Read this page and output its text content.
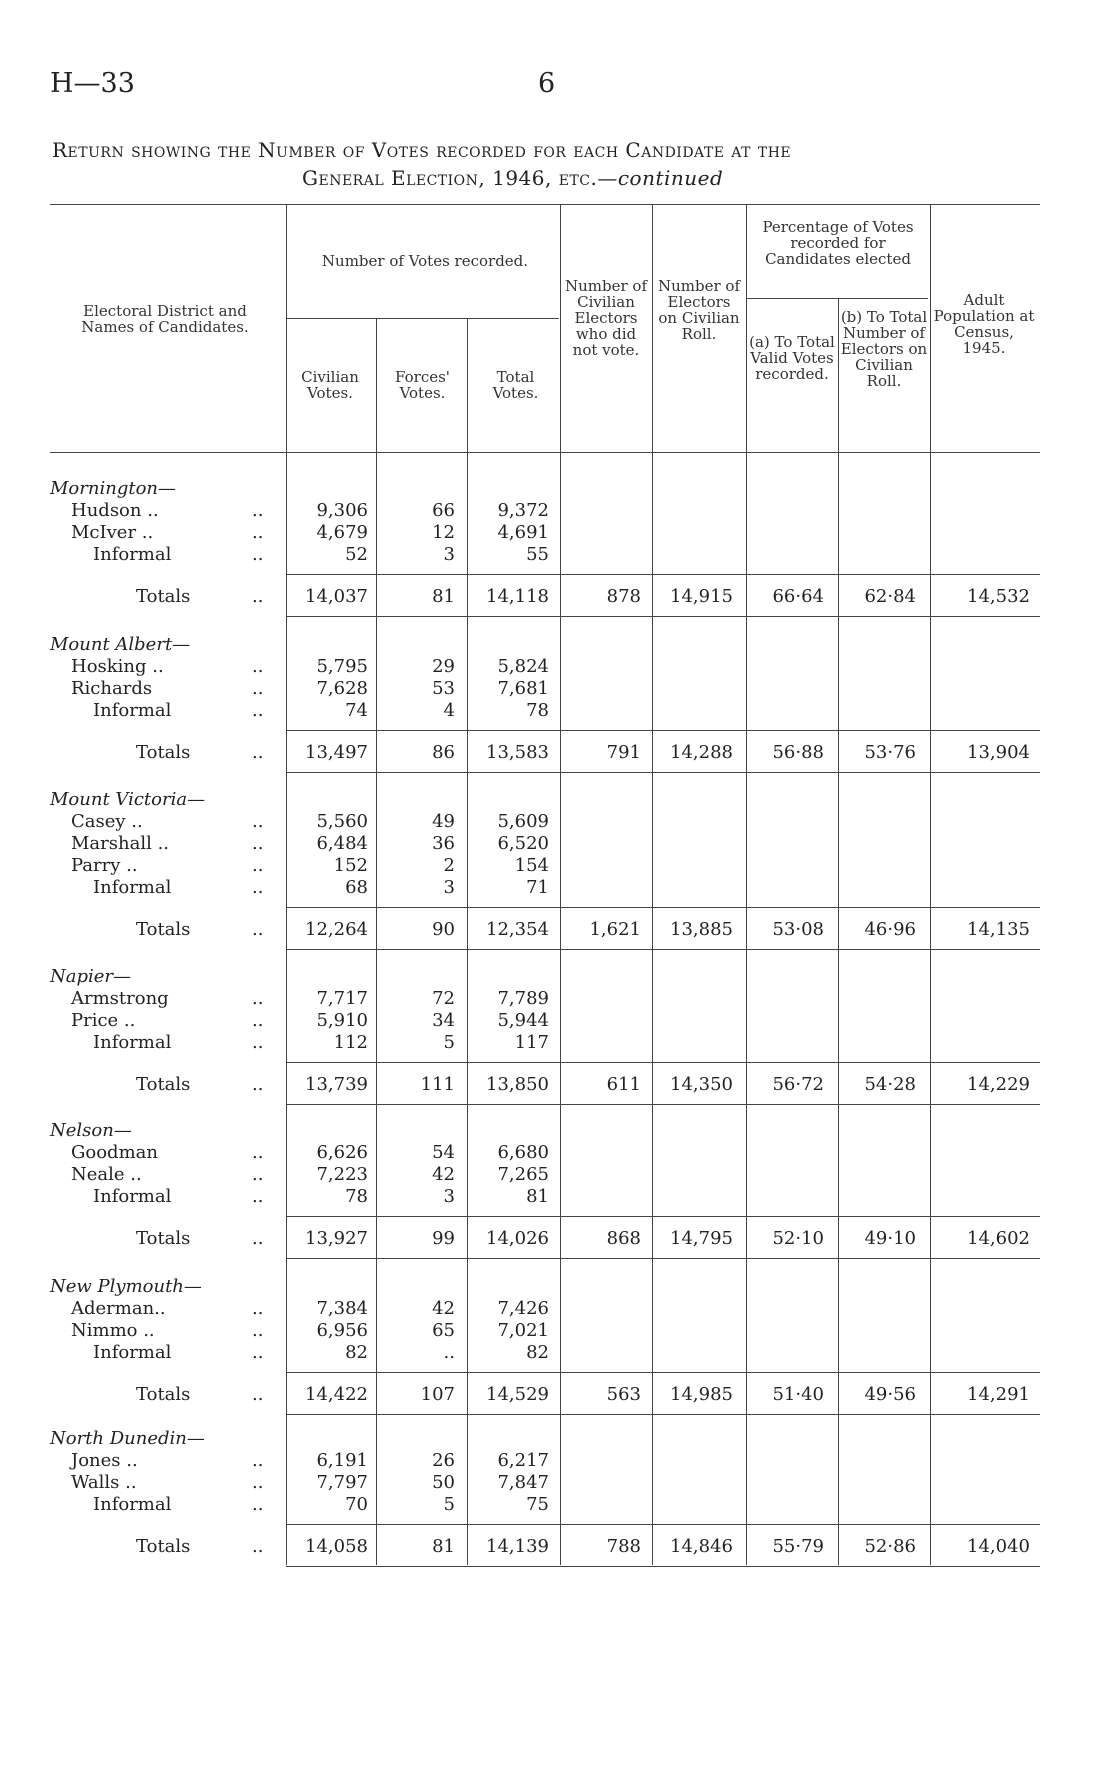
H—33	6
Return showing the Number of Votes recorded for each Candidate at the
General Election, 1946, etc.—continued
Electoral District and Names of Candidates.
Number of Votes recorded.
Civilian Votes.
Forces' Votes.
Total Votes.
Number of Civilian Electors who did not vote.
Number of Electors on Civilian Roll.
Percentage of Votes recorded for Candidates elected
(a) To Total Valid Votes recorded.
(b) To Total Number of Electors on Civilian Roll.
Adult Population at Census, 1945.
Mornington—
Hudson ..	..	9,306	66	9,372
McIver ..	..	4,679	12	4,691
Informal	..	52	3	55
Totals	..	14,037	81	14,118	878	14,915	66·64	62·84	14,532
Mount Albert—
Hosking ..	..	5,795	29	5,824
Richards	..	7,628	53	7,681
Informal	..	74	4	78
Totals	..	13,497	86	13,583	791	14,288	56·88	53·76	13,904
Mount Victoria—
Casey ..	..	5,560	49	5,609
Marshall ..	..	6,484	36	6,520
Parry ..	..	152	2	154
Informal	..	68	3	71
Totals	..	12,264	90	12,354	1,621	13,885	53·08	46·96	14,135
Napier—
Armstrong	..	7,717	72	7,789
Price ..	..	5,910	34	5,944
Informal	..	112	5	117
Totals	..	13,739	111	13,850	611	14,350	56·72	54·28	14,229
Nelson—
Goodman	..	6,626	54	6,680
Neale ..	..	7,223	42	7,265
Informal	..	78	3	81
Totals	..	13,927	99	14,026	868	14,795	52·10	49·10	14,602
New Plymouth—
Aderman..	..	7,384	42	7,426
Nimmo ..	..	6,956	65	7,021
Informal	..	82	..	82
Totals	..	14,422	107	14,529	563	14,985	51·40	49·56	14,291
North Dunedin—
Jones ..	..	6,191	26	6,217
Walls ..	..	7,797	50	7,847
Informal	..	70	5	75
Totals	..	14,058	81	14,139	788	14,846	55·79	52·86	14,040
